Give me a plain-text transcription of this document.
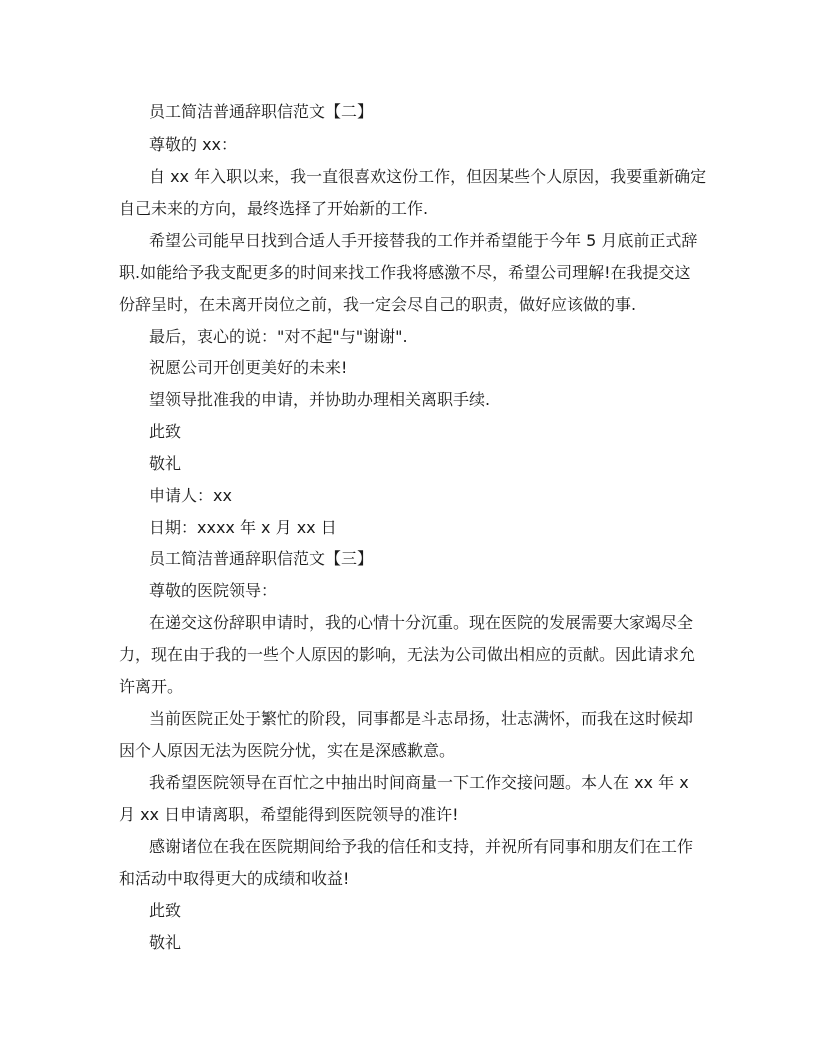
员工简洁普通辞职信范文【二】
尊敬的 xx：
自 xx 年入职以来，我一直很喜欢这份工作，但因某些个人原因，我要重新确定
自己未来的方向，最终选择了开始新的工作.
希望公司能早日找到合适人手开接替我的工作并希望能于今年 5 月底前正式辞
职.如能给予我支配更多的时间来找工作我将感激不尽，希望公司理解!在我提交这
份辞呈时，在未离开岗位之前，我一定会尽自己的职责，做好应该做的事.
最后，衷心的说："对不起"与"谢谢".
祝愿公司开创更美好的未来!
望领导批准我的申请，并协助办理相关离职手续.
此致
敬礼
申请人：xx
日期：xxxx 年 x 月 xx 日
员工简洁普通辞职信范文【三】
尊敬的医院领导：
在递交这份辞职申请时，我的心情十分沉重。现在医院的发展需要大家竭尽全
力，现在由于我的一些个人原因的影响，无法为公司做出相应的贡献。因此请求允
许离开。
当前医院正处于繁忙的阶段，同事都是斗志昂扬，壮志满怀，而我在这时候却
因个人原因无法为医院分忧，实在是深感歉意。
我希望医院领导在百忙之中抽出时间商量一下工作交接问题。本人在 xx 年 x
月 xx 日申请离职，希望能得到医院领导的准许!
感谢诸位在我在医院期间给予我的信任和支持，并祝所有同事和朋友们在工作
和活动中取得更大的成绩和收益!
此致
敬礼
